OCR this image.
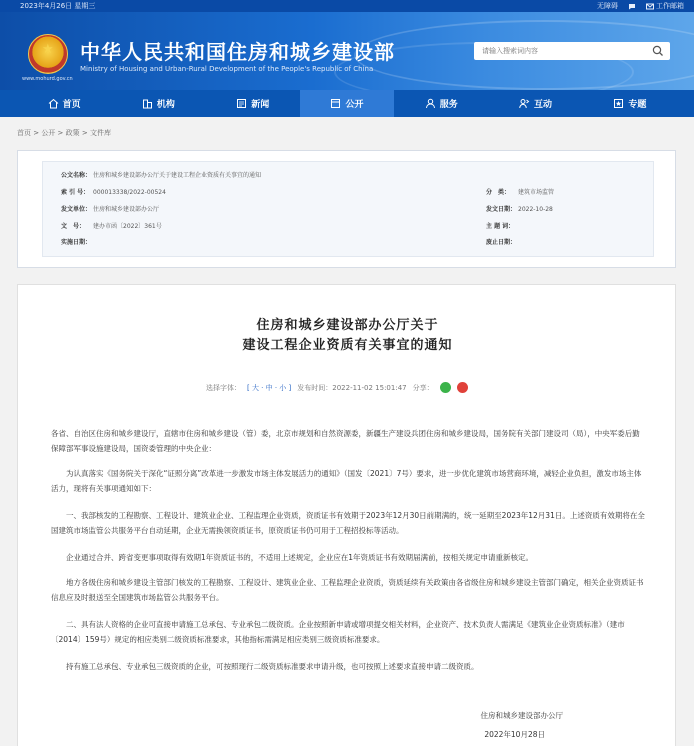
2023年4月26日 星期三	无障碍	工作邮箱
★ 中华人民共和国住房和城乡建设部
Ministry of Housing and Urban-Rural Development of the People's Republic of China
www.mohurd.gov.cn
请输入搜索词内容
首页	机构	新闻	公开	服务	互动	专题
首页 > 公开 > 政策 > 文件库
公文名称： 住房和城乡建设部办公厅关于建设工程企业资质有关事宜的通知
索 引 号： 000013338/2022-00524
发文单位： 住房和城乡建设部办公厅
文　号： 建办市函〔2022〕361号
实施日期：
分　类： 建筑市场监管
发文日期： 2022-10-28
主 题 词：
废止日期：
住房和城乡建设部办公厅关于
建设工程企业资质有关事宜的通知
选择字体： [ 大 · 中 · 小 ] 发布时间： 2022-11-02 15:01:47 分享：

各省、自治区住房和城乡建设厅，直辖市住房和城乡建设（管）委，北京市规划和自然资源委，新疆生产建设兵团住房和城乡建设局，国务院有关部门建设司（局），中央军委后勤保障部军事设施建设局，国资委管理的中央企业：

为认真落实《国务院关于深化“证照分离”改革进一步激发市场主体发展活力的通知》（国发〔2021〕7号）要求，进一步优化建筑市场营商环境，减轻企业负担，激发市场主体活力，现将有关事项通知如下：

一、我部核发的工程勘察、工程设计、建筑业企业、工程监理企业资质，资质证书有效期于2023年12月30日前期满的，统一延期至2023年12月31日。上述资质有效期将在全国建筑市场监管公共服务平台自动延期，企业无需换领资质证书，原资质证书仍可用于工程招投标等活动。

企业通过合并、跨省变更事项取得有效期1年资质证书的，不适用上述规定，企业应在1年资质证书有效期届满前，按相关规定申请重新核定。

地方各级住房和城乡建设主管部门核发的工程勘察、工程设计、建筑业企业、工程监理企业资质，资质延续有关政策由各省级住房和城乡建设主管部门确定，相关企业资质证书信息应及时报送至全国建筑市场监管公共服务平台。

二、具有法人资格的企业可直接申请施工总承包、专业承包二级资质。企业按照新申请或增项提交相关材料，企业资产、技术负责人需满足《建筑业企业资质标准》（建市〔2014〕159号）规定的相应类别二级资质标准要求，其他指标需满足相应类别三级资质标准要求。

持有施工总承包、专业承包三级资质的企业，可按照现行二级资质标准要求申请升级，也可按照上述要求直接申请二级资质。

住房和城乡建设部办公厅
2022年10月28日
